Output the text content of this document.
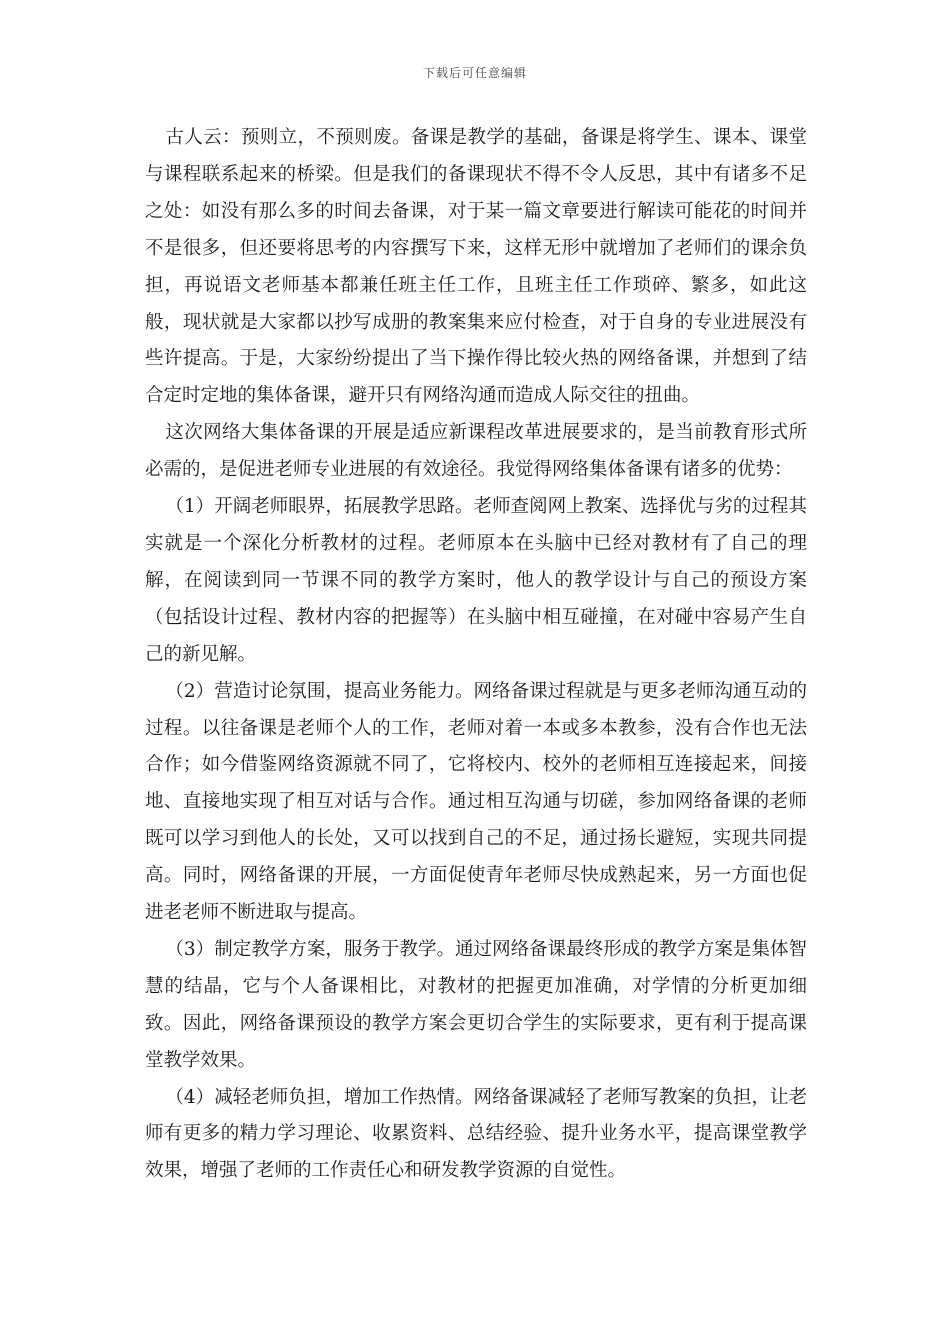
下载后可任意编辑

古人云：预则立，不预则废。备课是教学的基础，备课是将学生、课本、课堂与课程联系起来的桥梁。但是我们的备课现状不得不令人反思，其中有诸多不足之处：如没有那么多的时间去备课，对于某一篇文章要进行解读可能花的时间并不是很多，但还要将思考的内容撰写下来，这样无形中就增加了老师们的课余负担，再说语文老师基本都兼任班主任工作，且班主任工作琐碎、繁多，如此这般，现状就是大家都以抄写成册的教案集来应付检查，对于自身的专业进展没有些许提高。于是，大家纷纷提出了当下操作得比较火热的网络备课，并想到了结合定时定地的集体备课，避开只有网络沟通而造成人际交往的扭曲。

这次网络大集体备课的开展是适应新课程改革进展要求的，是当前教育形式所必需的，是促进老师专业进展的有效途径。我觉得网络集体备课有诸多的优势：

（1）开阔老师眼界，拓展教学思路。老师查阅网上教案、选择优与劣的过程其实就是一个深化分析教材的过程。老师原本在头脑中已经对教材有了自己的理解，在阅读到同一节课不同的教学方案时，他人的教学设计与自己的预设方案（包括设计过程、教材内容的把握等）在头脑中相互碰撞，在对碰中容易产生自己的新见解。

（2）营造讨论氛围，提高业务能力。网络备课过程就是与更多老师沟通互动的过程。以往备课是老师个人的工作，老师对着一本或多本教参，没有合作也无法合作；如今借鉴网络资源就不同了，它将校内、校外的老师相互连接起来，间接地、直接地实现了相互对话与合作。通过相互沟通与切磋，参加网络备课的老师既可以学习到他人的长处，又可以找到自己的不足，通过扬长避短，实现共同提高。同时，网络备课的开展，一方面促使青年老师尽快成熟起来，另一方面也促进老老师不断进取与提高。

（3）制定教学方案，服务于教学。通过网络备课最终形成的教学方案是集体智慧的结晶，它与个人备课相比，对教材的把握更加准确，对学情的分析更加细致。因此，网络备课预设的教学方案会更切合学生的实际要求，更有利于提高课堂教学效果。

（4）减轻老师负担，增加工作热情。网络备课减轻了老师写教案的负担，让老师有更多的精力学习理论、收累资料、总结经验、提升业务水平，提高课堂教学效果，增强了老师的工作责任心和研发教学资源的自觉性。
